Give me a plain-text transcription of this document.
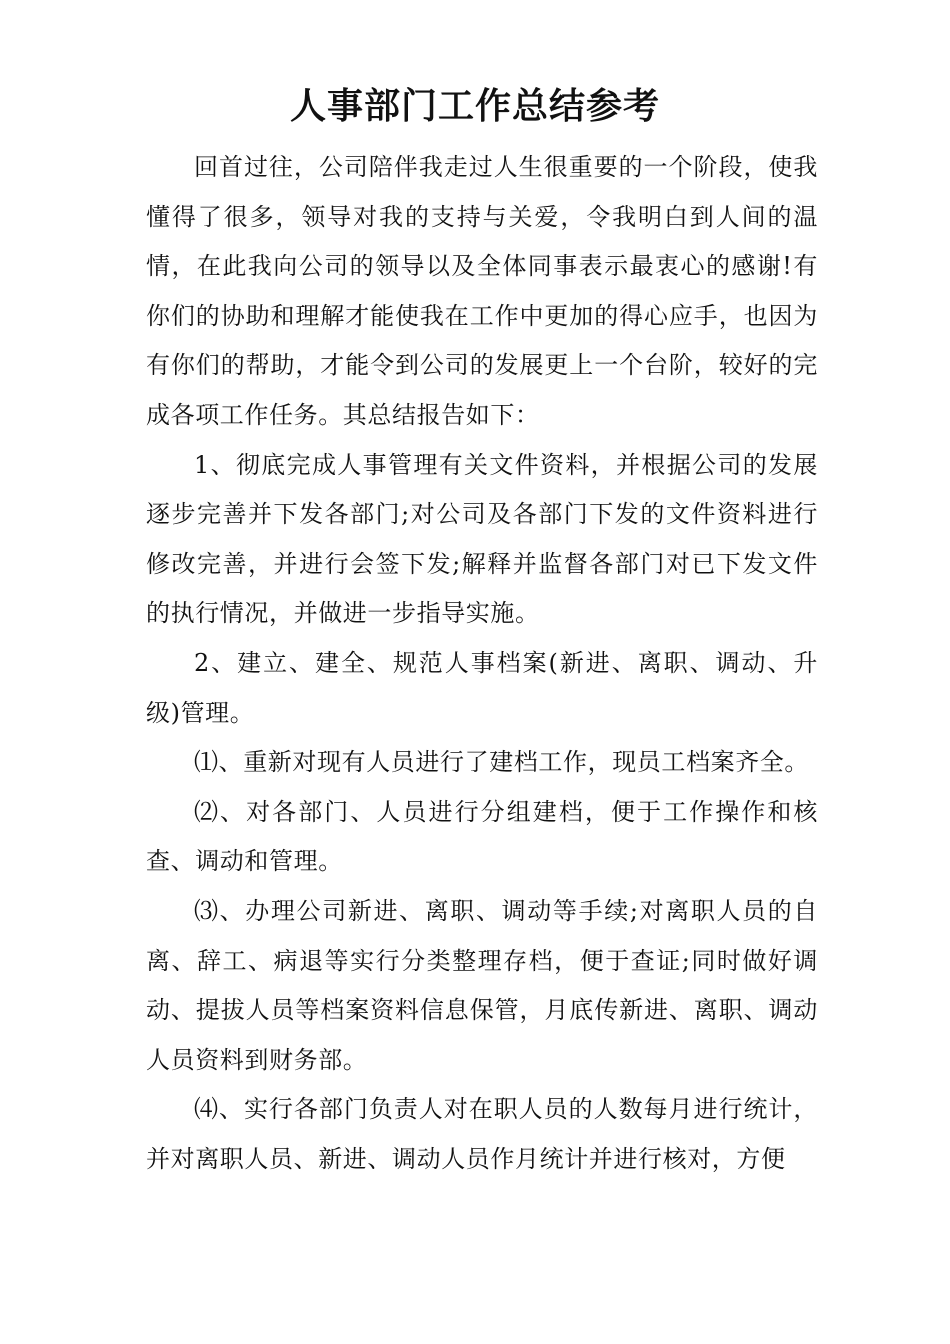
人事部门工作总结参考

回首过往，公司陪伴我走过人生很重要的一个阶段，使我懂得了很多，领导对我的支持与关爱，令我明白到人间的温情，在此我向公司的领导以及全体同事表示最衷心的感谢!有你们的协助和理解才能使我在工作中更加的得心应手，也因为有你们的帮助，才能令到公司的发展更上一个台阶，较好的完成各项工作任务。其总结报告如下：

1、彻底完成人事管理有关文件资料，并根据公司的发展逐步完善并下发各部门;对公司及各部门下发的文件资料进行修改完善，并进行会签下发;解释并监督各部门对已下发文件的执行情况，并做进一步指导实施。

2、建立、建全、规范人事档案(新进、离职、调动、升级)管理。

⑴、重新对现有人员进行了建档工作，现员工档案齐全。

⑵、对各部门、人员进行分组建档，便于工作操作和核查、调动和管理。

⑶、办理公司新进、离职、调动等手续;对离职人员的自离、辞工、病退等实行分类整理存档，便于查证;同时做好调动、提拔人员等档案资料信息保管，月底传新进、离职、调动人员资料到财务部。

⑷、实行各部门负责人对在职人员的人数每月进行统计，并对离职人员、新进、调动人员作月统计并进行核对，方便
